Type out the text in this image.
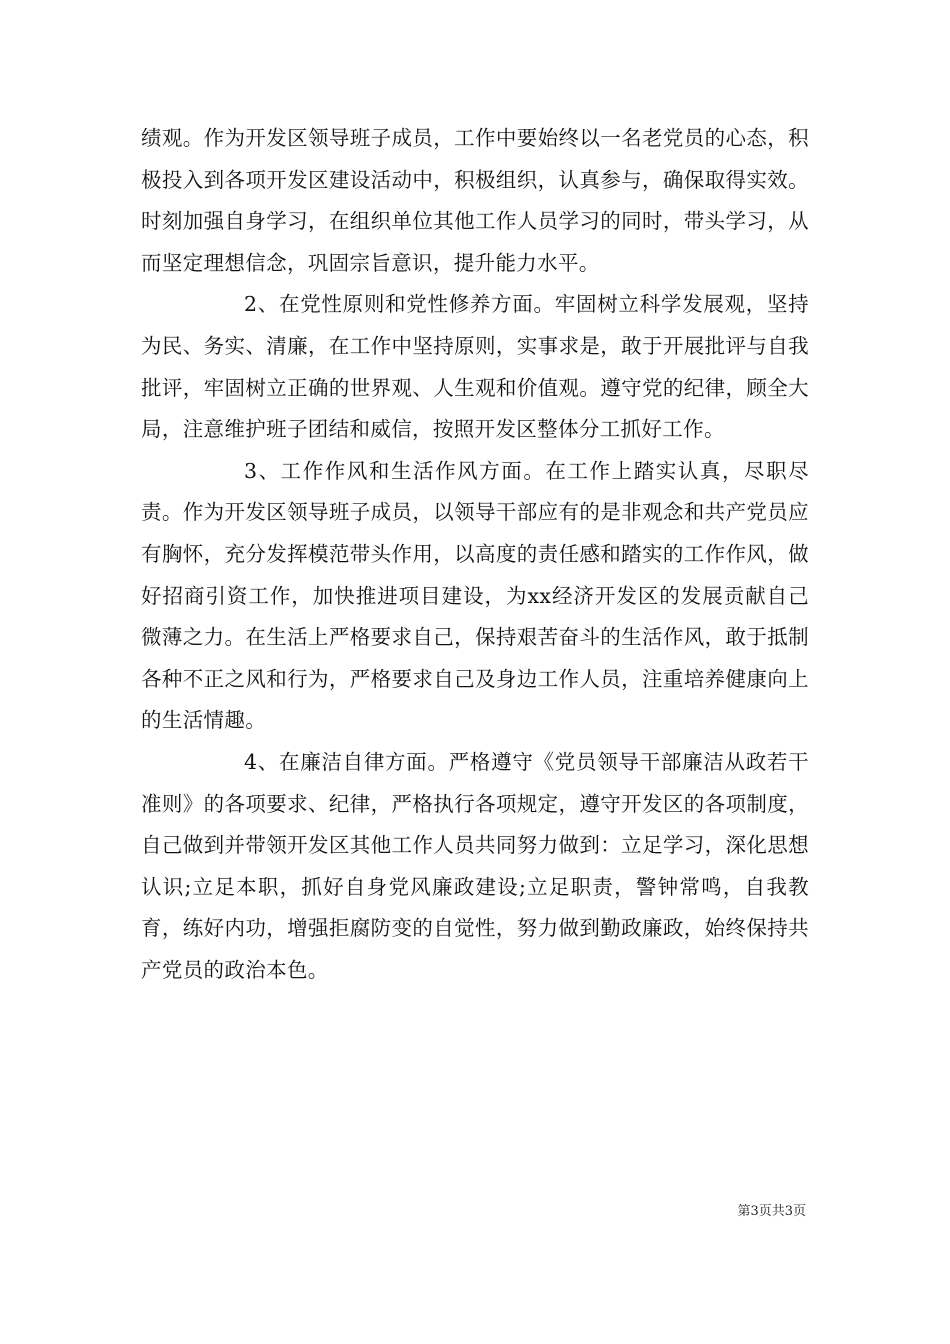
绩观。作为开发区领导班子成员，工作中要始终以一名老党员的心态，积极投入到各项开发区建设活动中，积极组织，认真参与，确保取得实效。时刻加强自身学习，在组织单位其他工作人员学习的同时，带头学习，从而坚定理想信念，巩固宗旨意识，提升能力水平。

2、在党性原则和党性修养方面。牢固树立科学发展观，坚持为民、务实、清廉，在工作中坚持原则，实事求是，敢于开展批评与自我批评，牢固树立正确的世界观、人生观和价值观。遵守党的纪律，顾全大局，注意维护班子团结和威信，按照开发区整体分工抓好工作。

3、工作作风和生活作风方面。在工作上踏实认真，尽职尽责。作为开发区领导班子成员，以领导干部应有的是非观念和共产党员应有胸怀，充分发挥模范带头作用，以高度的责任感和踏实的工作作风，做好招商引资工作，加快推进项目建设，为xx经济开发区的发展贡献自己微薄之力。在生活上严格要求自己，保持艰苦奋斗的生活作风，敢于抵制各种不正之风和行为，严格要求自己及身边工作人员，注重培养健康向上的生活情趣。

4、在廉洁自律方面。严格遵守《党员领导干部廉洁从政若干准则》的各项要求、纪律，严格执行各项规定，遵守开发区的各项制度，自己做到并带领开发区其他工作人员共同努力做到：立足学习，深化思想认识;立足本职，抓好自身党风廉政建设;立足职责，警钟常鸣，自我教育，练好内功，增强拒腐防变的自觉性，努力做到勤政廉政，始终保持共产党员的政治本色。

第3页共3页
